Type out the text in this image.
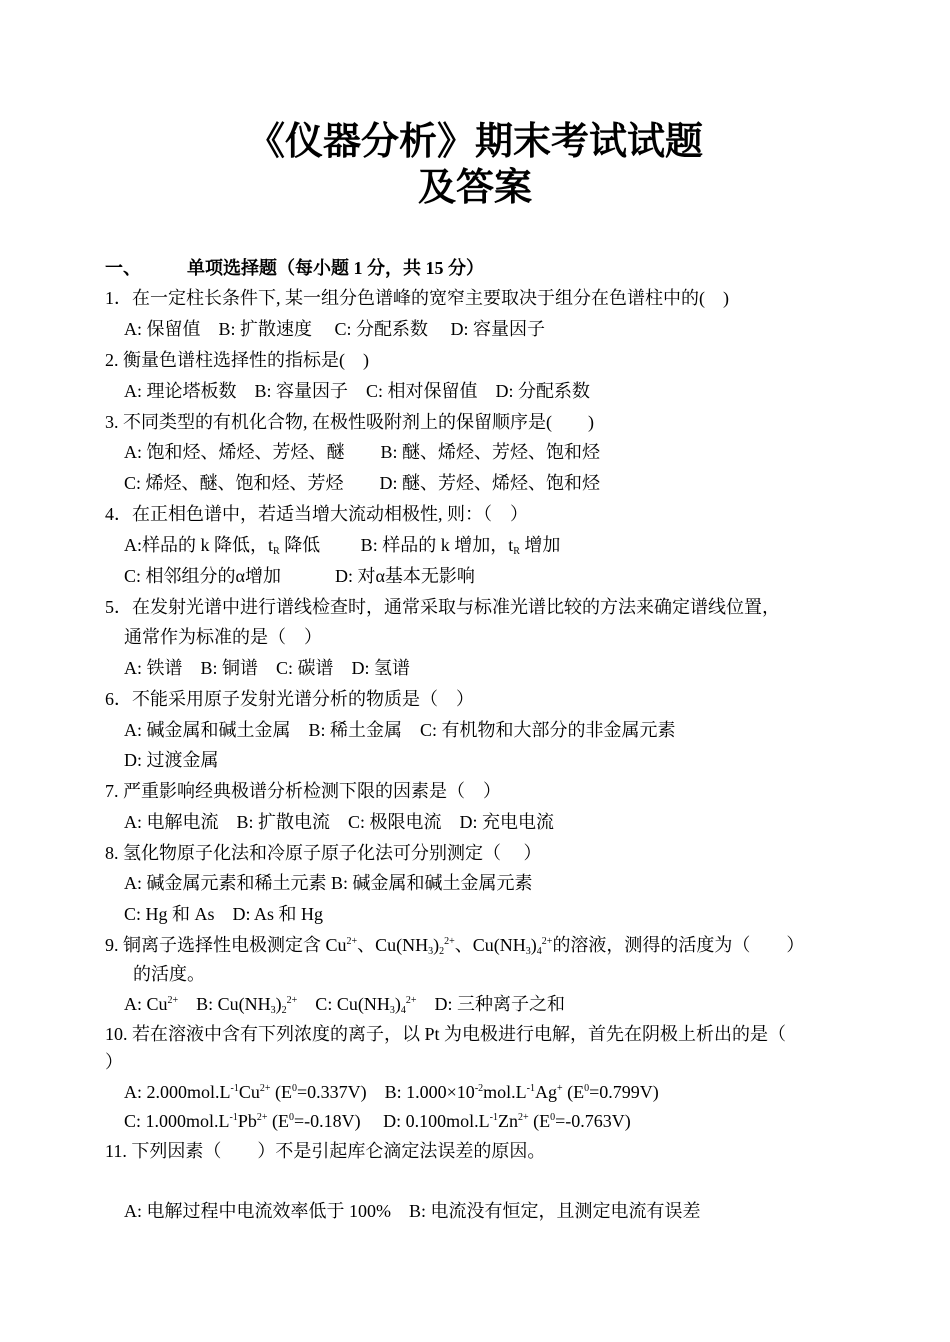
《仪器分析》期末考试试题
及答案
一、	单项选择题（每小题 1 分，共 15 分）
1．在一定柱长条件下, 某一组分色谱峰的宽窄主要取决于组分在色谱柱中的(　)
A: 保留值　B: 扩散速度　 C: 分配系数　 D: 容量因子
2. 衡量色谱柱选择性的指标是(　)
A: 理论塔板数　B: 容量因子　C: 相对保留值　D: 分配系数
3. 不同类型的有机化合物, 在极性吸附剂上的保留顺序是(　　)
A: 饱和烃、烯烃、芳烃、醚　　B: 醚、烯烃、芳烃、饱和烃
C: 烯烃、醚、饱和烃、芳烃　　D: 醚、芳烃、烯烃、饱和烃
4．在正相色谱中，若适当增大流动相极性, 则：（　）
A:样品的 k 降低，$t_R$ 降低　　 B: 样品的 k 增加，$t_R$ 增加
C: 相邻组分的α增加　　　D: 对α基本无影响
5．在发射光谱中进行谱线检查时，通常采取与标准光谱比较的方法来确定谱线位置，
通常作为标准的是（　）
A: 铁谱　B: 铜谱　C: 碳谱　D: 氢谱
6．不能采用原子发射光谱分析的物质是（　）
A: 碱金属和碱土金属　B: 稀土金属　C: 有机物和大部分的非金属元素
D: 过渡金属
7. 严重影响经典极谱分析检测下限的因素是（　）
A: 电解电流　B: 扩散电流　C: 极限电流　D: 充电电流
8. 氢化物原子化法和冷原子原子化法可分别测定（　 ）
A: 碱金属元素和稀土元素 B: 碱金属和碱土金属元素
C: Hg 和 As　D: As 和 Hg
9. 铜离子选择性电极测定含 $Cu^{2+}$、$Cu(NH_3)_2^{2+}$、$Cu(NH_3)_4^{2+}$的溶液，测得的活度为（　　）
的活度。
A: $Cu^{2+}$　B: $Cu(NH_3)_2^{2+}$　C: $Cu(NH_3)_4^{2+}$　D: 三种离子之和
10. 若在溶液中含有下列浓度的离子，以 Pt 为电极进行电解，首先在阴极上析出的是（
）
A: $2.000mol.L^{-1}Cu^{2+}$ $(E^0=0.337V)$　B: $1.000\times 10^{-2}mol.L^{-1}Ag^+$ $(E^0=0.799V)$
C: $1.000mol.L^{-1}Pb^{2+}$ $(E^0=-0.18V)$　 D: $0.100mol.L^{-1}Zn^{2+}$ $(E^0=-0.763V)$
11. 下列因素（　　）不是引起库仑滴定法误差的原因。
A: 电解过程中电流效率低于 100%　B: 电流没有恒定，且测定电流有误差
